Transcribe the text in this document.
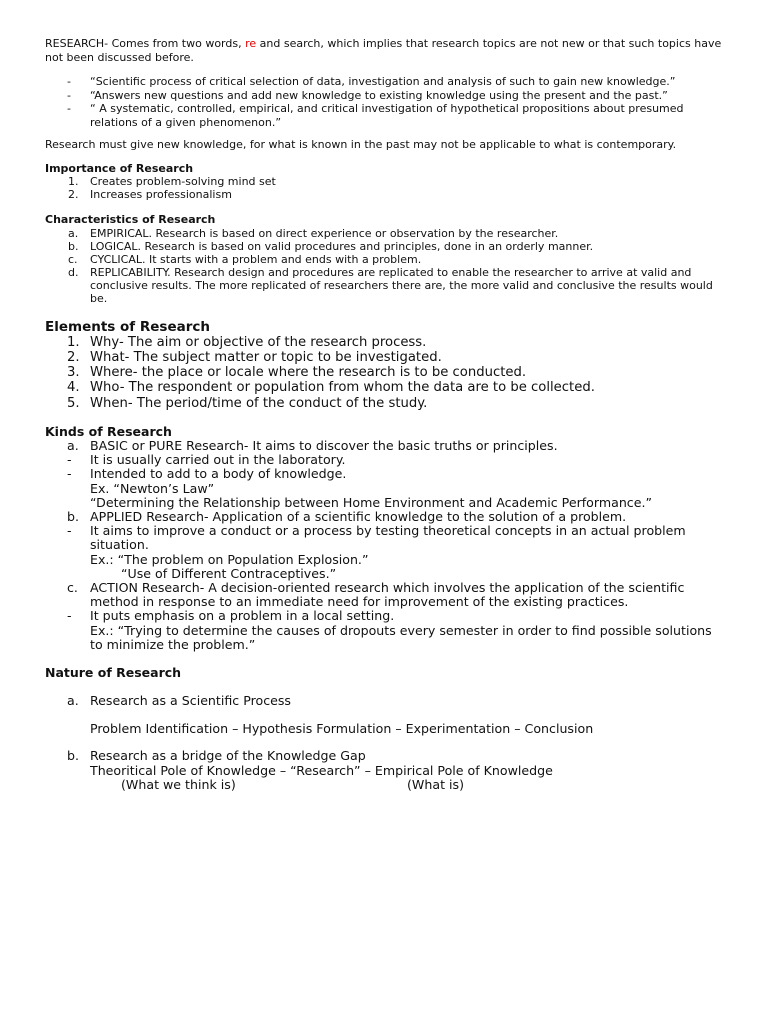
RESEARCH- Comes from two words, re and search, which implies that research topics are not new or that such topics have not been discussed before.

- “Scientific process of critical selection of data, investigation and analysis of such to gain new knowledge.”
- “Answers new questions and add new knowledge to existing knowledge using the present and the past.”
- “ A systematic, controlled, empirical, and critical investigation of hypothetical propositions about presumed relations of a given phenomenon.”

Research must give new knowledge, for what is known in the past may not be applicable to what is contemporary.

Importance of Research

1. Creates problem-solving mind set
2. Increases professionalism

Characteristics of Research

a. EMPIRICAL. Research is based on direct experience or observation by the researcher.
b. LOGICAL. Research is based on valid procedures and principles, done in an orderly manner.
c. CYCLICAL. It starts with a problem and ends with a problem.
d. REPLICABILITY. Research design and procedures are replicated to enable the researcher to arrive at valid and conclusive results. The more replicated of researchers there are, the more valid and conclusive the results would be.

Elements of Research

1. Why- The aim or objective of the research process.
2. What- The subject matter or topic to be investigated.
3. Where- the place or locale where the research is to be conducted.
4. Who- The respondent or population from whom the data are to be collected.
5. When- The period/time of the conduct of the study.

Kinds of Research

a. BASIC or PURE Research- It aims to discover the basic truths or principles.
- It is usually carried out in the laboratory.
- Intended to add to a body of knowledge.
Ex. “Newton’s Law”
“Determining the Relationship between Home Environment and Academic Performance.”
b. APPLIED Research- Application of a scientific knowledge to the solution of a problem.
- It aims to improve a conduct or a process by testing theoretical concepts in an actual problem situation.
Ex.: “The problem on Population Explosion.”
“Use of Different Contraceptives.”
c. ACTION Research- A decision-oriented research which involves the application of the scientific method in response to an immediate need for improvement of the existing practices.
- It puts emphasis on a problem in a local setting.
Ex.: “Trying to determine the causes of dropouts every semester in order to find possible solutions to minimize the problem.”

Nature of Research

a. Research as a Scientific Process

Problem Identification – Hypothesis Formulation – Experimentation – Conclusion

b. Research as a bridge of the Knowledge Gap

Theoritical Pole of Knowledge – “Research” – Empirical Pole of Knowledge

(What we think is)	(What is)
